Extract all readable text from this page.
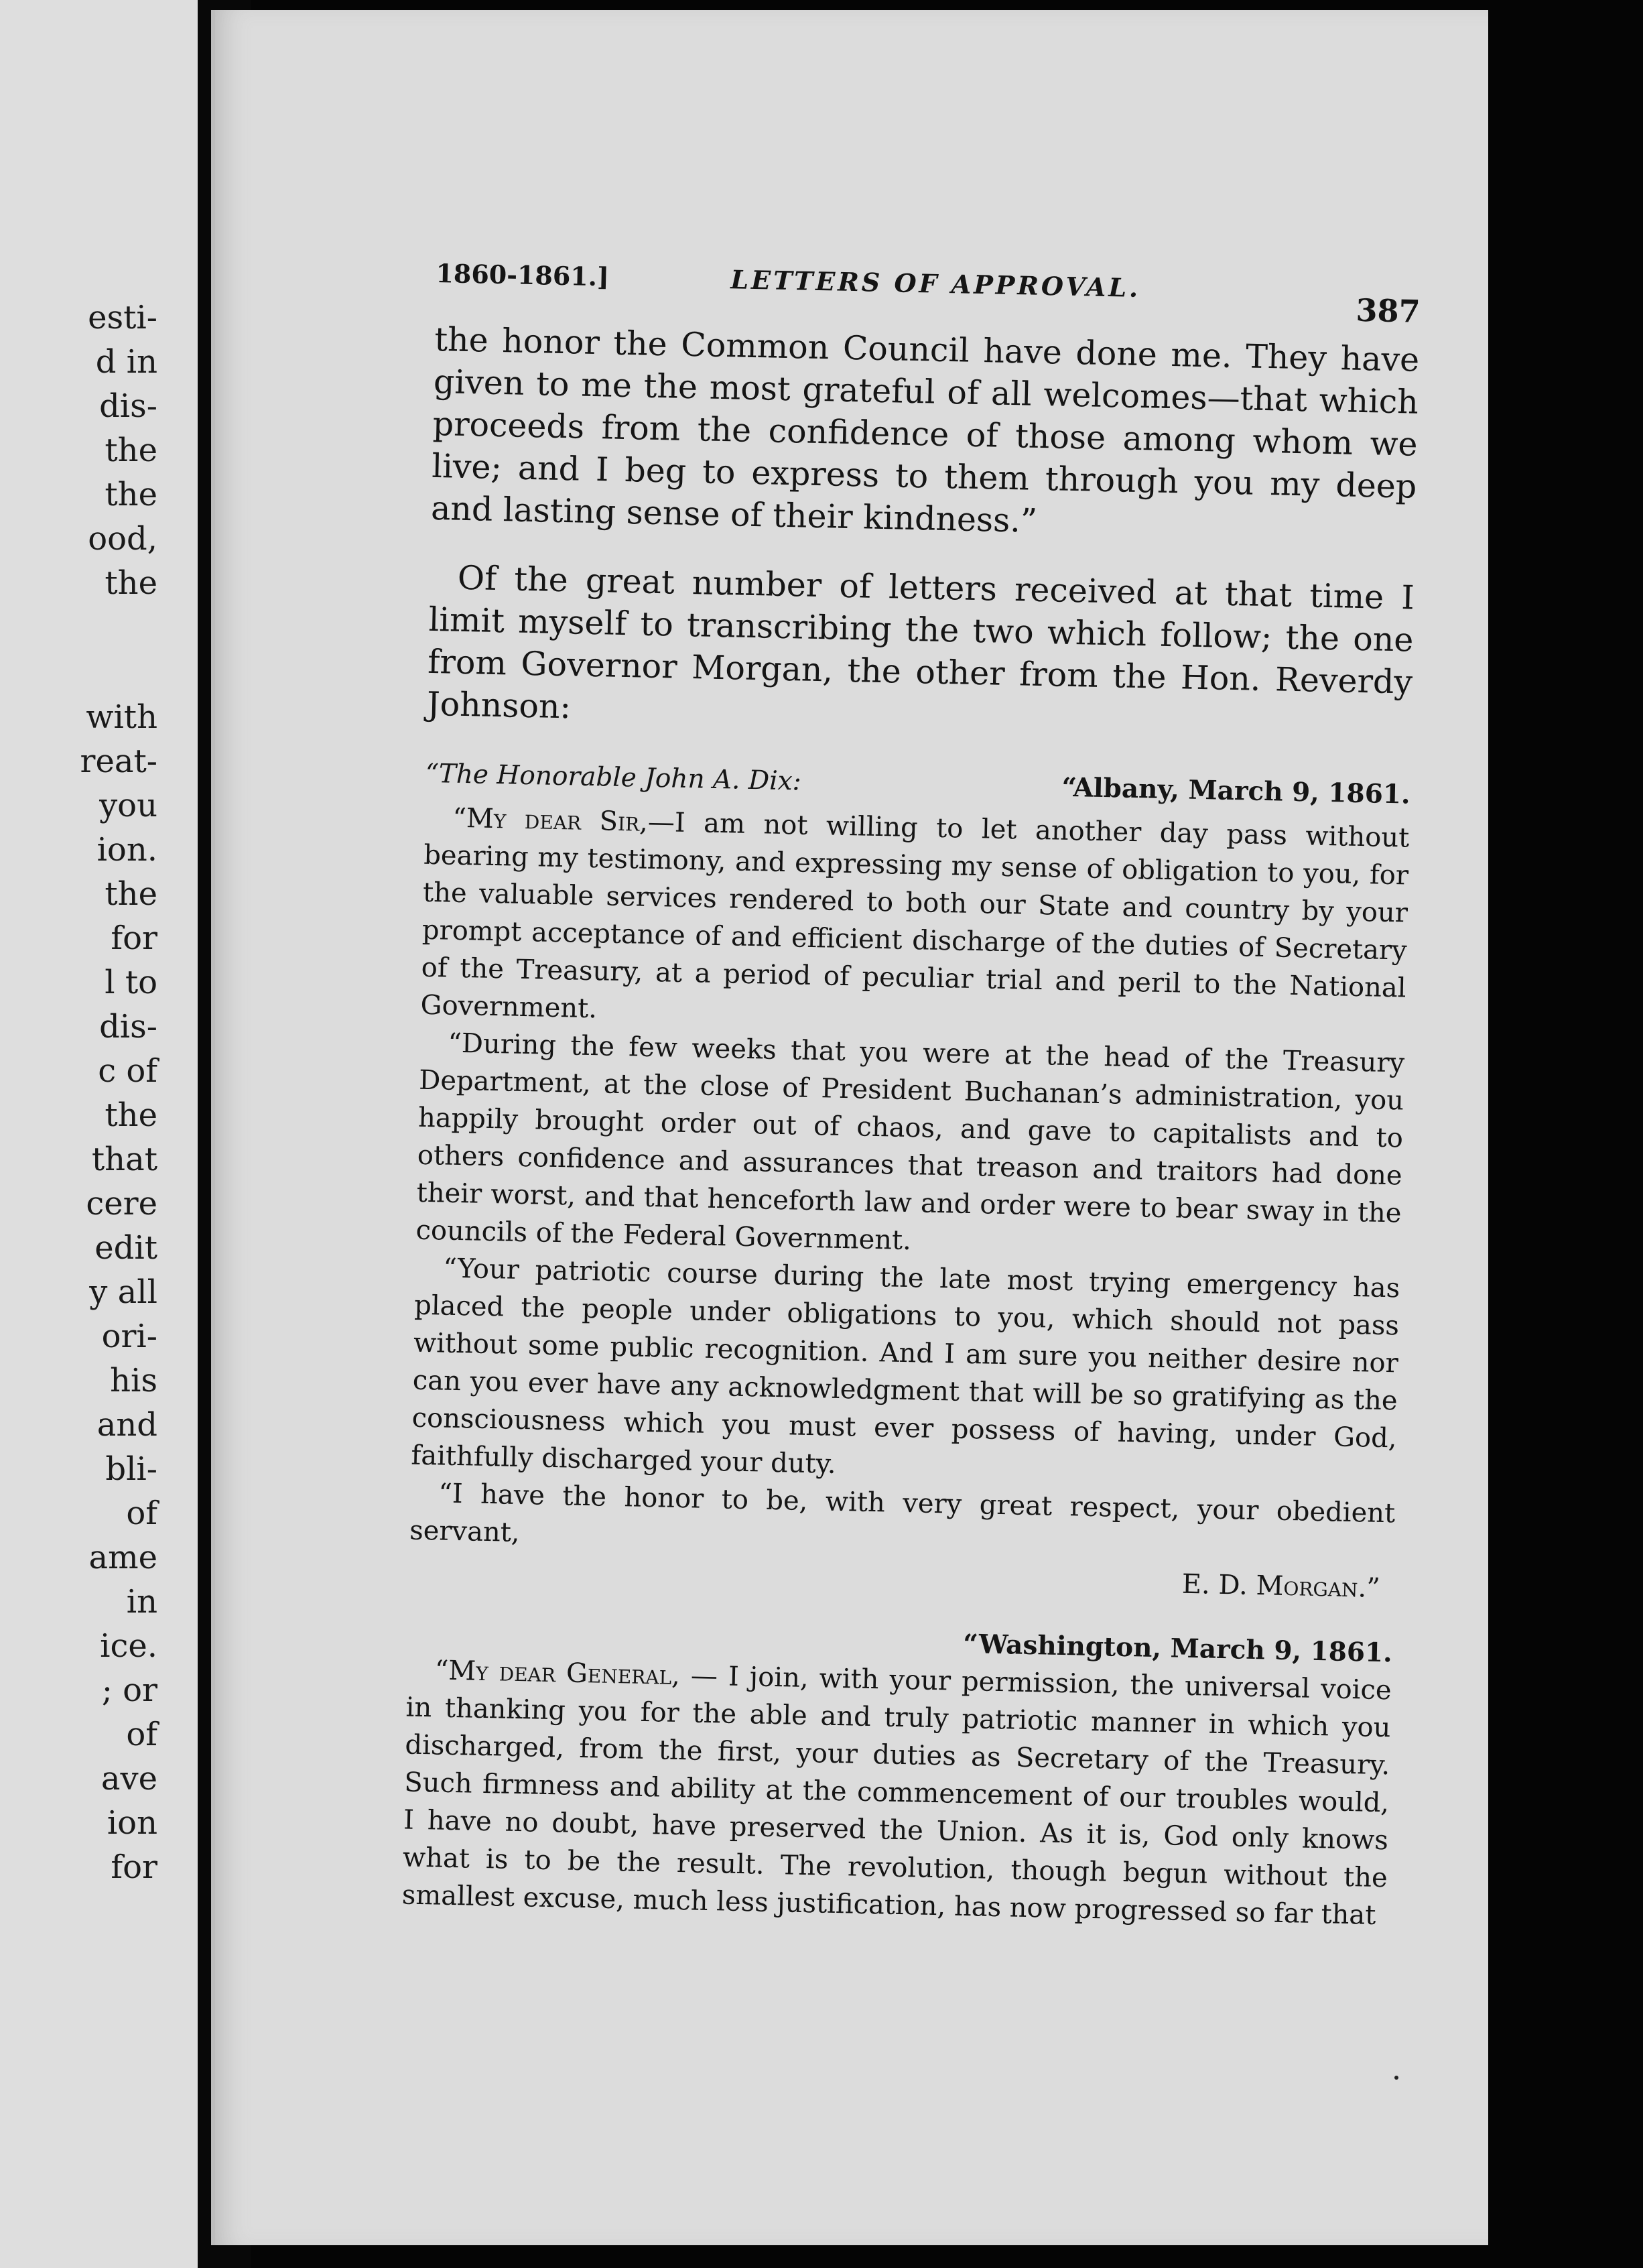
esti-
d in
dis-
the
the
ood,
the
with
reat-
you
ion.
the
for
l to
dis-
c of
the
that
cere
edit
y all
ori-
his
and
bli-
of
ame
in
ice.
; or
of
ave
ion
for
1860-1861.]	LETTERS OF APPROVAL.
387

the honor the Common Council have done me. They have given to me the most grateful of all welcomes—that which proceeds from the confidence of those among whom we live; and I beg to express to them through you my deep and lasting sense of their kindness.”

Of the great number of letters received at that time I limit myself to transcribing the two which follow; the one from Governor Morgan, the other from the Hon. Reverdy Johnson:

“The Honorable John A. Dix:	“Albany, March 9, 1861.

“My dear Sir,—I am not willing to let another day pass without bearing my testimony, and expressing my sense of obligation to you, for the valuable services rendered to both our State and country by your prompt acceptance of and efficient discharge of the duties of Secretary of the Treasury, at a period of peculiar trial and peril to the National Government.

“During the few weeks that you were at the head of the Treasury Department, at the close of President Buchanan’s administration, you happily brought order out of chaos, and gave to capitalists and to others confidence and assurances that treason and traitors had done their worst, and that henceforth law and order were to bear sway in the councils of the Federal Government.

“Your patriotic course during the late most trying emergency has placed the people under obligations to you, which should not pass without some public recognition. And I am sure you neither desire nor can you ever have any acknowledgment that will be so gratifying as the consciousness which you must ever possess of having, under God, faithfully discharged your duty.

“I have the honor to be, with very great respect, your obedient servant,

E. D. Morgan.”

“Washington, March 9, 1861.

“My dear General, — I join, with your permission, the universal voice in thanking you for the able and truly patriotic manner in which you discharged, from the first, your duties as Secretary of the Treasury. Such firmness and ability at the commencement of our troubles would, I have no doubt, have preserved the Union. As it is, God only knows what is to be the result. The revolution, though begun without the smallest excuse, much less justification, has now progressed so far that
